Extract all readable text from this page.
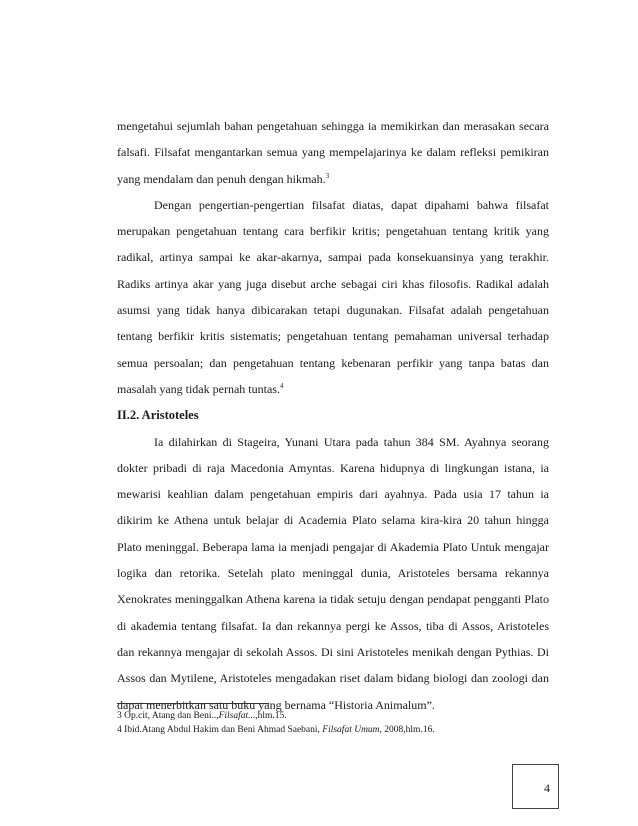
mengetahui sejumlah bahan pengetahuan sehingga ia memikirkan dan merasakan secara falsafi. Filsafat mengantarkan semua yang mempelajarinya ke dalam refleksi pemikiran yang mendalam dan penuh dengan hikmah.$^3$

Dengan pengertian-pengertian filsafat diatas, dapat dipahami bahwa filsafat merupakan pengetahuan tentang cara berfikir kritis; pengetahuan tentang kritik yang radikal, artinya sampai ke akar-akarnya, sampai pada konsekuansinya yang terakhir. Radiks artinya akar yang juga disebut arche sebagai ciri khas filosofis. Radikal adalah asumsi yang tidak hanya dibicarakan tetapi dugunakan. Filsafat adalah pengetahuan tentang berfikir kritis sistematis; pengetahuan tentang pemahaman universal terhadap semua persoalan; dan pengetahuan tentang kebenaran perfikir yang tanpa batas dan masalah yang tidak pernah tuntas.$^4$

II.2. Aristoteles

Ia dilahirkan di Stageira, Yunani Utara pada tahun 384 SM. Ayahnya seorang dokter pribadi di raja Macedonia Amyntas. Karena hidupnya di lingkungan istana, ia mewarisi keahlian dalam pengetahuan empiris dari ayahnya. Pada usia 17 tahun ia dikirim ke Athena untuk belajar di Academia Plato selama kira-kira 20 tahun hingga Plato meninggal. Beberapa lama ia menjadi pengajar di Akademia Plato Untuk mengajar logika dan retorika. Setelah plato meninggal dunia, Aristoteles bersama rekannya Xenokrates meninggalkan Athena karena ia tidak setuju dengan pendapat pengganti Plato di akademia tentang filsafat. Ia dan rekannya pergi ke Assos, tiba di Assos, Aristoteles dan rekannya mengajar di sekolah Assos. Di sini Aristoteles menikah dengan Pythias. Di Assos dan Mytilene, Aristoteles mengadakan riset dalam bidang biologi dan zoologi dan dapat menerbitkan satu buku yang bernama “Historia Animalum”.

3 Op.cit, Atang dan Beni..,Filsafat...,hlm.15.
4 Ibid.Atang Abdul Hakim dan Beni Ahmad Saebani, Filsafat Umum, 2008,hlm.16.
4
